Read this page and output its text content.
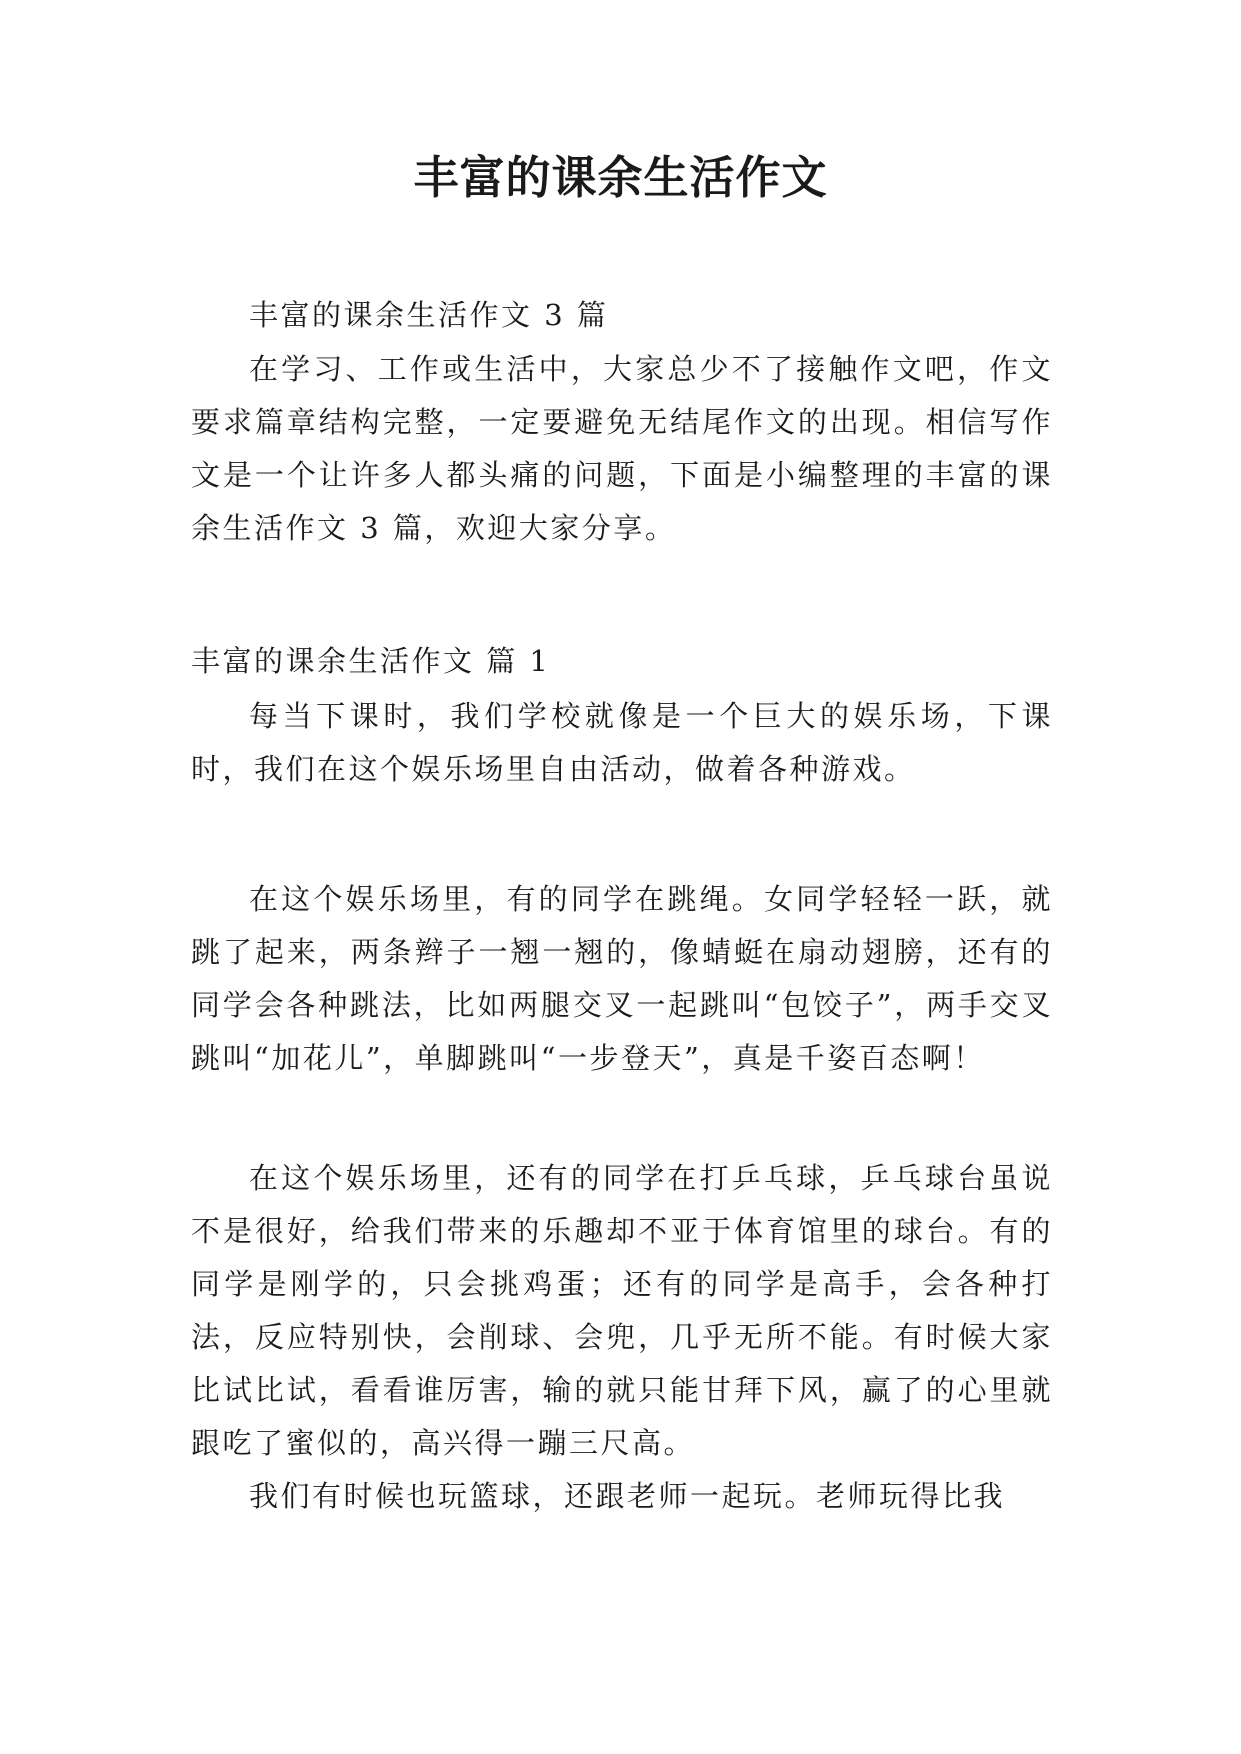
丰富的课余生活作文

丰富的课余生活作文 3 篇

在学习、工作或生活中，大家总少不了接触作文吧，作文要求篇章结构完整，一定要避免无结尾作文的出现。相信写作文是一个让许多人都头痛的问题，下面是小编整理的丰富的课余生活作文 3 篇，欢迎大家分享。

丰富的课余生活作文 篇 1

每当下课时，我们学校就像是一个巨大的娱乐场，下课时，我们在这个娱乐场里自由活动，做着各种游戏。

在这个娱乐场里，有的同学在跳绳。女同学轻轻一跃，就跳了起来，两条辫子一翘一翘的，像蜻蜓在扇动翅膀，还有的同学会各种跳法，比如两腿交叉一起跳叫“包饺子”，两手交叉跳叫“加花儿”，单脚跳叫“一步登天”，真是千姿百态啊！

在这个娱乐场里，还有的同学在打乒乓球，乒乓球台虽说不是很好，给我们带来的乐趣却不亚于体育馆里的球台。有的同学是刚学的，只会挑鸡蛋；还有的同学是高手，会各种打法，反应特别快，会削球、会兜，几乎无所不能。有时候大家比试比试，看看谁厉害，输的就只能甘拜下风，赢了的心里就跟吃了蜜似的，高兴得一蹦三尺高。

我们有时候也玩篮球，还跟老师一起玩。老师玩得比我
